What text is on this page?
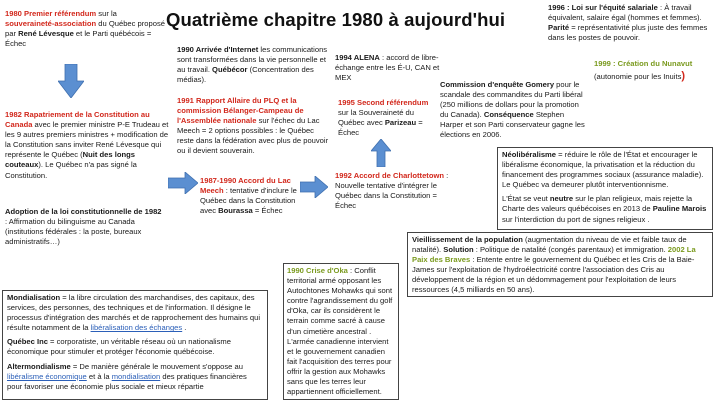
Quatrième chapitre 1980 à aujourd'hui
1980 Premier référendum sur la souveraineté-association du Québec proposé par René Lévesque et le Parti québécois = Échec
1982 Rapatriement de la Constitution au Canada avec le premier ministre P-E Trudeau et les 9 autres premiers ministres + modification de la Constitution sans inviter René Lévesque qui représente le Québec (Nuit des longs couteaux). Le Québec n'a pas signé la Constitution.
Adoption de la loi constitutionnelle de 1982 : Affirmation du bilinguisme au Canada (institutions fédérales : la poste, bureaux administratifs…)
1990 Arrivée d'Internet les communications sont transformées dans la vie personnelle et au travail. Québécor (Concentration des médias).
1991 Rapport Allaire du PLQ et la commission Bélanger-Campeau de l'Assemblée nationale sur l'échec du Lac Meech = 2 options possibles : le Québec reste dans la fédération avec plus de pouvoir ou il devient souverain.
1987-1990 Accord du Lac Meech : tentative d'inclure le Québec dans la Constitution avec Bourassa = Échec
1994 ALENA : accord de libre-échange entre les É-U, CAN et MEX
1995 Second référendum sur la Souveraineté du Québec avec Parizeau = Échec
1992 Accord de Charlottetown : Nouvelle tentative d'intégrer le Québec dans la Constitution = Échec
Commission d'enquête Gomery pour le scandale des commandites du Parti libéral (250 millions de dollars pour la promotion du Canada). Conséquence Stephen Harper et son Parti conservateur gagne les élections en 2006.
1996 : Loi sur l'équité salariale : À travail équivalent, salaire égal (hommes et femmes). Parité = représentativité plus juste des femmes dans les postes de pouvoir.
1999 : Création du Nunavut (autonomie pour les Inuits)
Néolibéralisme = réduire le rôle de l'État et encourager le libéralisme économique, la privatisation et la réduction du financement des programmes sociaux (assurance maladie). Le Québec va demeurer plutôt interventionnisme.
L'État se veut neutre sur le plan religieux, mais rejette la Charte des valeurs québécoises en 2013 de Pauline Marois sur l'interdiction du port de signes religieux .
Vieillissement de la population (augmentation du niveau de vie et faible taux de natalité). Solution : Politique de natalité (congés parentaux) et immigration. 2002 La Paix des Braves : Entente entre le gouvernement du Québec et les Cris de la Baie-James sur l'exploitation de l'hydroélectricité contre l'association des Cris au développement de la région et un dédommagement pour l'exploitation de leurs ressources (4,5 milliards en 50 ans).
1990 Crise d'Oka : Conflit territorial armé opposant les Autochtones Mohawks qui sont contre l'agrandissement du golf d'Oka, car ils considèrent le terrain comme sacré à cause d'un cimetière ancestral . L'armée canadienne intervient et le gouvernement canadien fait l'acquisition des terres pour offrir la gestion aux Mohawks sans que les terres leur appartiennent officiellement.
Mondialisation = la libre circulation des marchandises, des capitaux, des services, des personnes, des techniques et de l'information. Il désigne le processus d'intégration des marchés et de rapprochement des humains qui résulte notamment de la libéralisation des échanges .
Québec Inc = corporatiste, un véritable réseau où un nationalisme économique pour stimuler et protéger l'économie québécoise.
Altermondialisme = De manière générale le mouvement s'oppose au libéralisme économique et à la mondialisation des pratiques financières pour favoriser une économie plus sociale et mieux répartie
